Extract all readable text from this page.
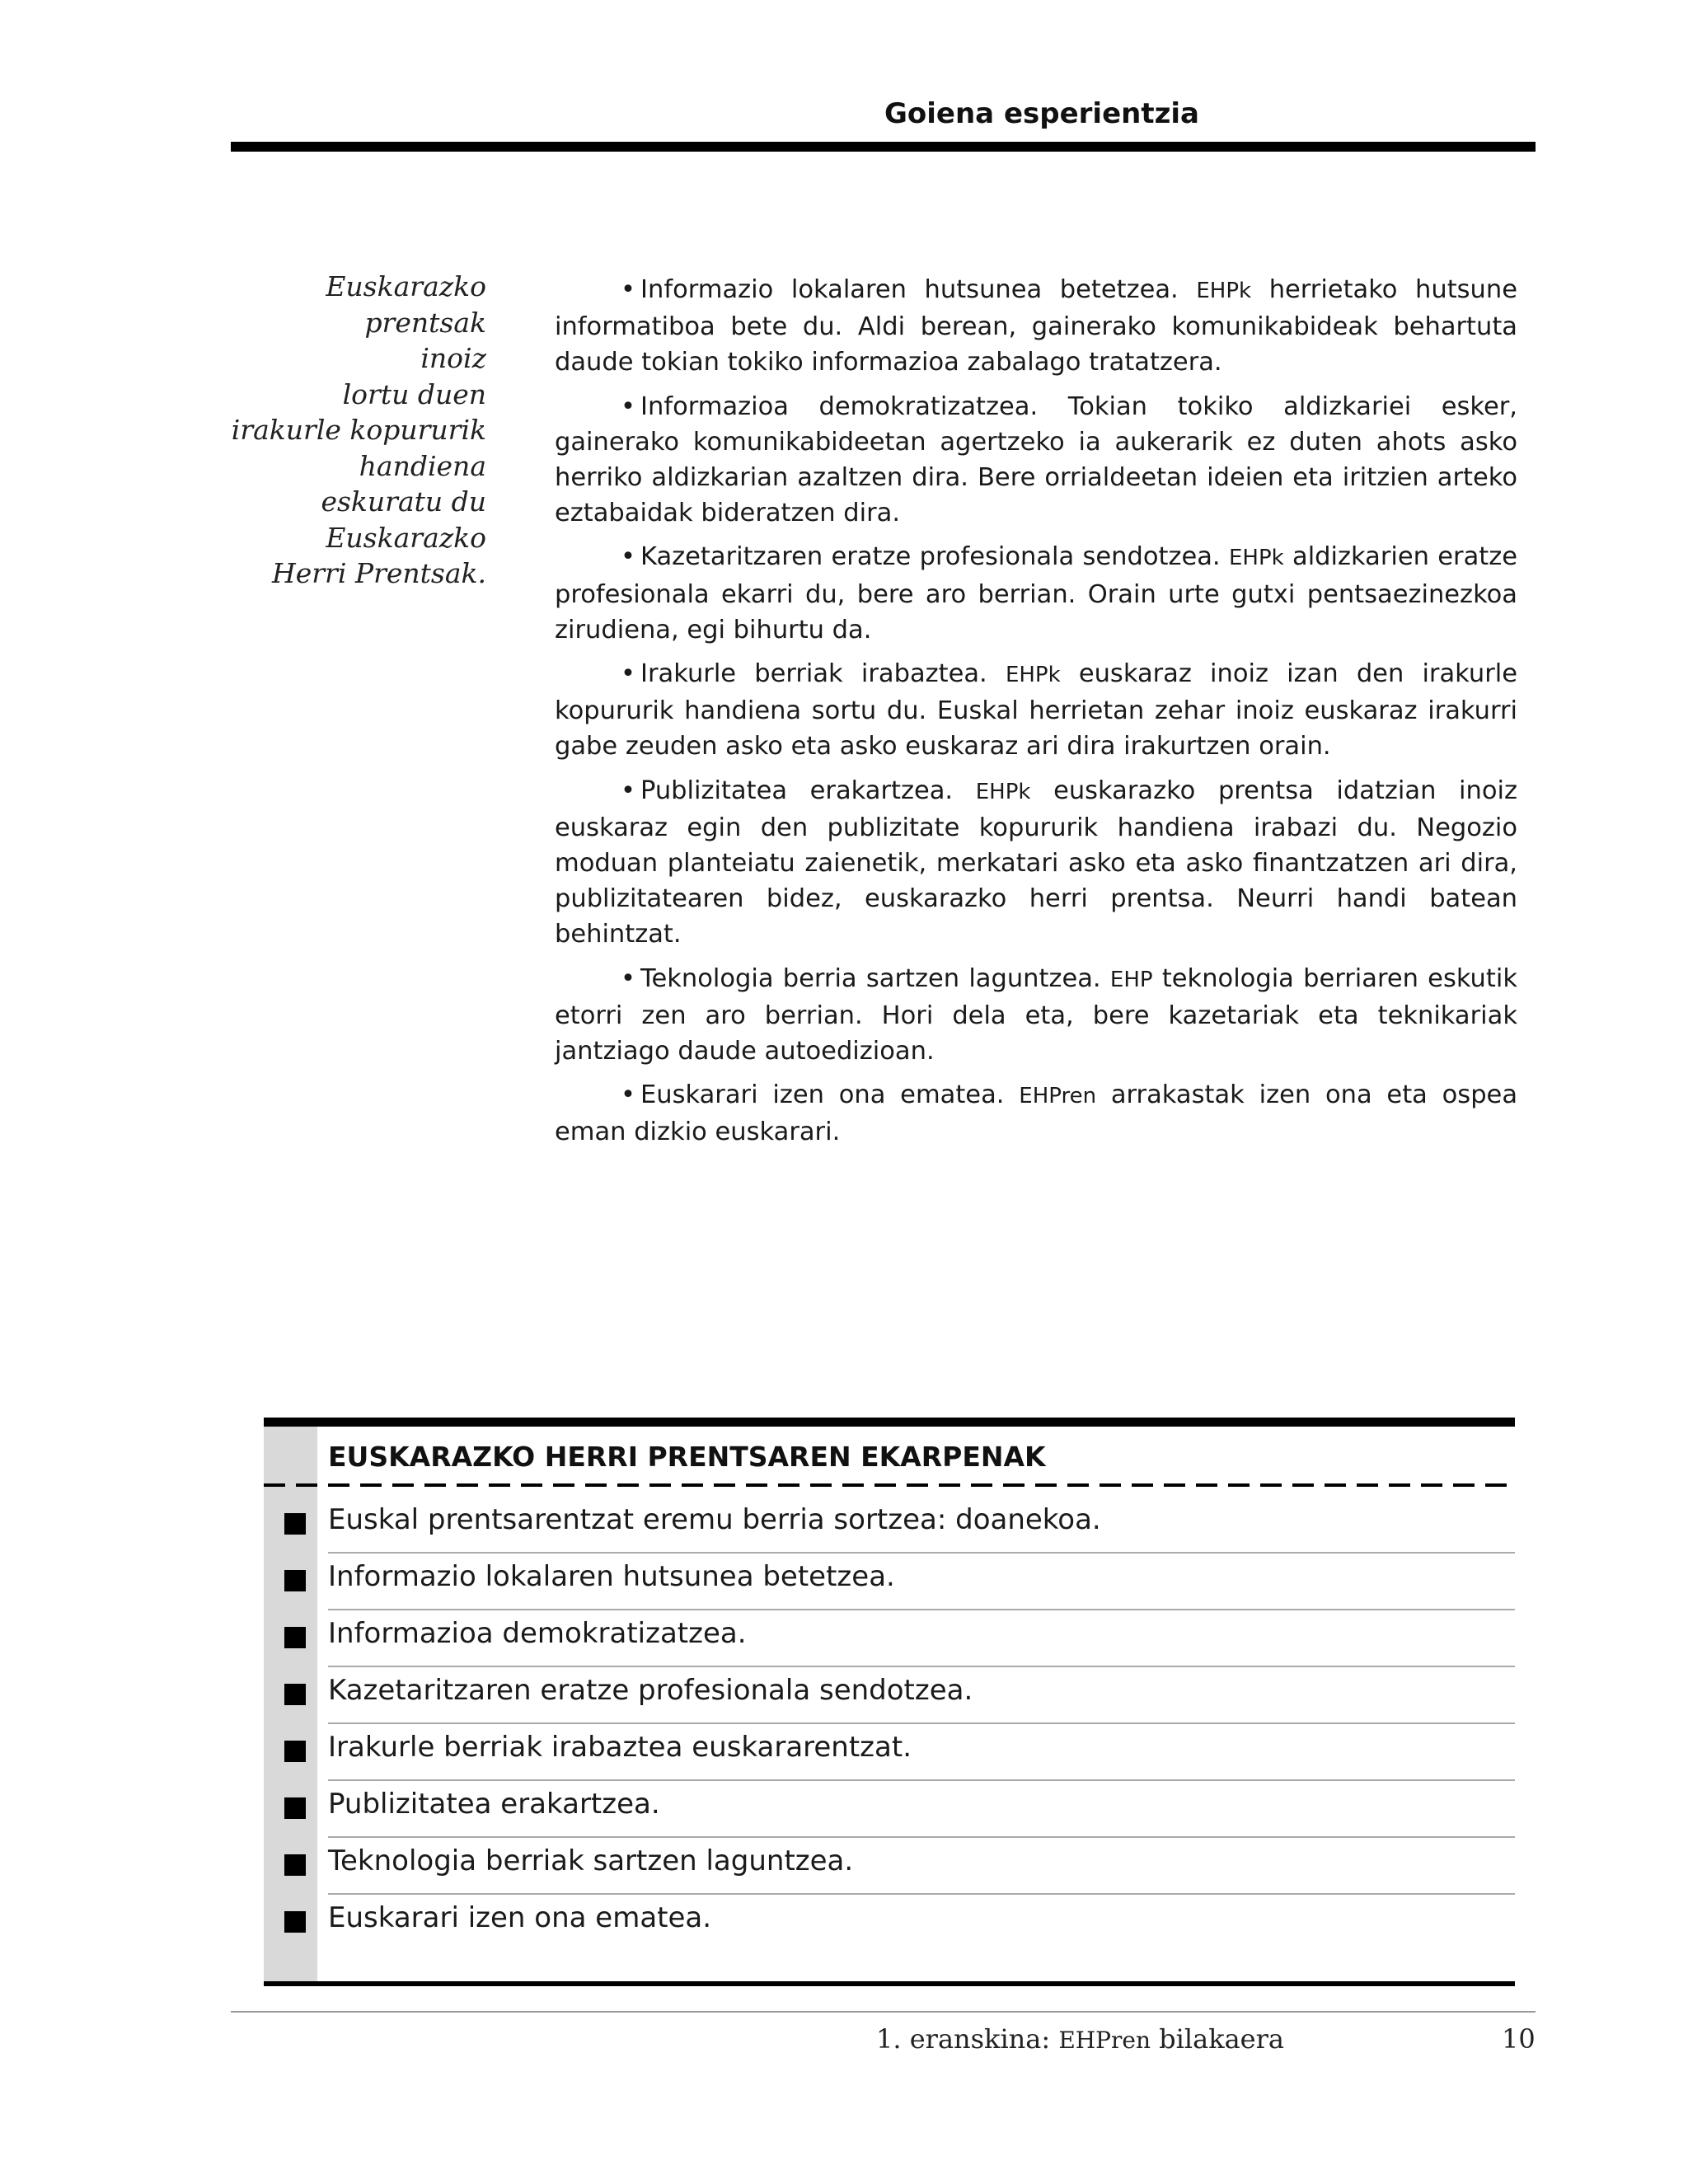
Goiena esperientzia
Euskarazko
prentsak
inoiz
lortu duen
irakurle kopururik
handiena
eskuratu du
Euskarazko
Herri Prentsak.

• Informazio lokalaren hutsunea betetzea. EHPk herrietako hutsune informatiboa bete du. Aldi berean, gainerako komunikabideak behartuta daude tokian tokiko informazioa zabalago tratatzera.

• Informazioa demokratizatzea. Tokian tokiko aldizkariei esker, gainerako komunikabideetan agertzeko ia aukerarik ez duten ahots asko herriko aldizkarian azaltzen dira. Bere orrialdeetan ideien eta iritzien arteko eztabaidak bideratzen dira.

• Kazetaritzaren eratze profesionala sendotzea. EHPk aldizkarien eratze profesionala ekarri du, bere aro berrian. Orain urte gutxi pentsaezinezkoa zirudiena, egi bihurtu da.

• Irakurle berriak irabaztea. EHPk euskaraz inoiz izan den irakurle kopururik handiena sortu du. Euskal herrietan zehar inoiz euskaraz irakurri gabe zeuden asko eta asko euskaraz ari dira irakurtzen orain.

• Publizitatea erakartzea. EHPk euskarazko prentsa idatzian inoiz euskaraz egin den publizitate kopururik handiena irabazi du. Negozio moduan planteiatu zaienetik, merkatari asko eta asko finantzatzen ari dira, publizitatearen bidez, euskarazko herri prentsa. Neurri handi batean behintzat.

• Teknologia berria sartzen laguntzea. EHP teknologia berriaren eskutik etorri zen aro berrian. Hori dela eta, bere kazetariak eta teknikariak jantziago daude autoedizioan.

• Euskarari izen ona ematea. EHPren arrakastak izen ona eta ospea eman dizkio euskarari.

EUSKARAZKO HERRI PRENTSAREN EKARPENAK
Euskal prentsarentzat eremu berria sortzea: doanekoa.
Informazio lokalaren hutsunea betetzea.
Informazioa demokratizatzea.
Kazetaritzaren eratze profesionala sendotzea.
Irakurle berriak irabaztea euskararentzat.
Publizitatea erakartzea.
Teknologia berriak sartzen laguntzea.
Euskarari izen ona ematea.
1. eranskina: EHPren bilakaera	10
